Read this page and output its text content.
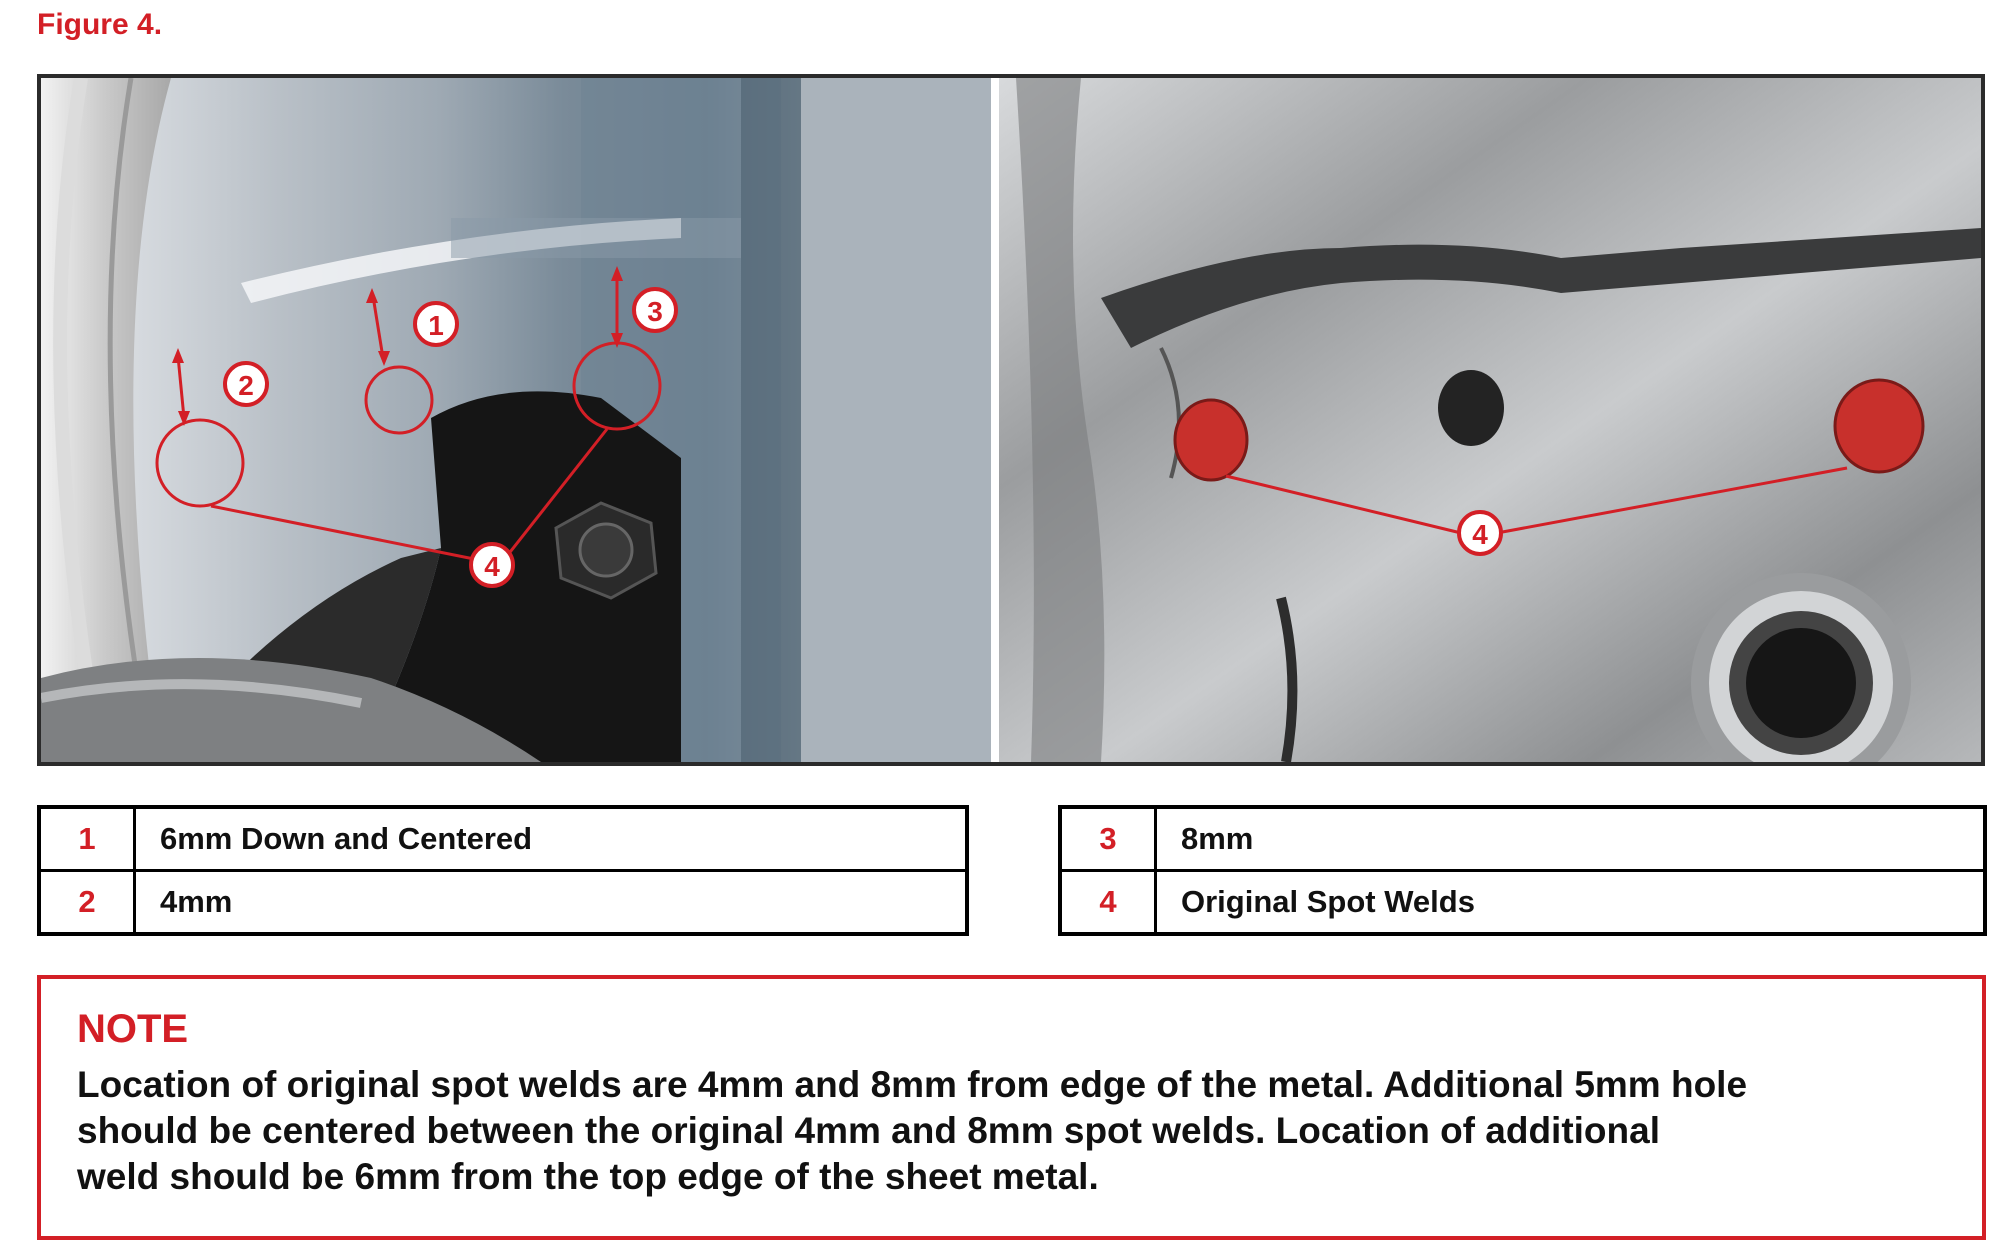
Figure 4.
1
2
3
4
4
1	6mm Down and Centered
2	4mm
3	8mm
4	Original Spot Welds
NOTE
Location of original spot welds are 4mm and 8mm from edge of the metal. Additional 5mm hole
should be centered between the original 4mm and 8mm spot welds. Location of additional
weld should be 6mm from the top edge of the sheet metal.
